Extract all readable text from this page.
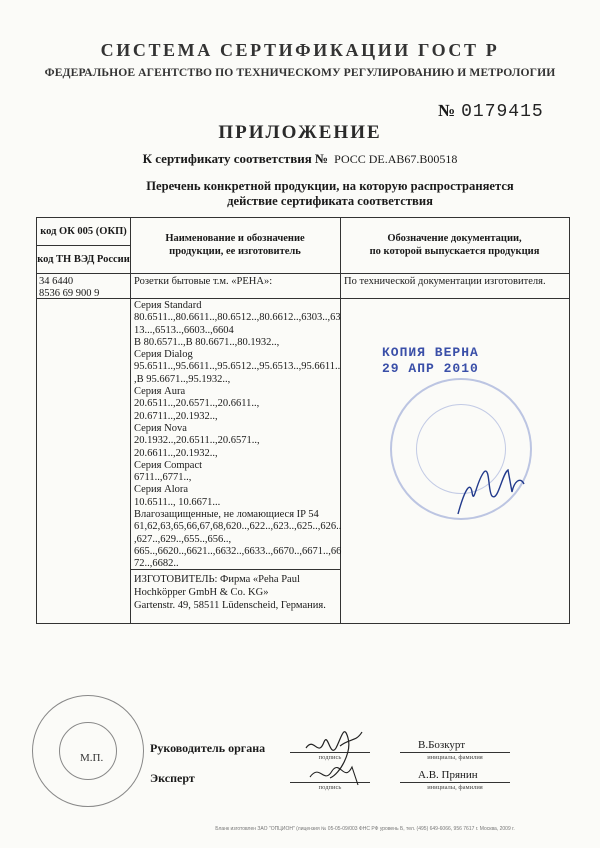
СИСТЕМА СЕРТИФИКАЦИИ ГОСТ Р
ФЕДЕРАЛЬНОЕ АГЕНТСТВО ПО ТЕХНИЧЕСКОМУ РЕГУЛИРОВАНИЮ И МЕТРОЛОГИИ
№ 0179415
ПРИЛОЖЕНИЕ
К сертификату соответствия № РОСС DE.AB67.B00518
Перечень конкретной продукции, на которую распространяется
действие сертификата соответствия
код ОК 005 (ОКП)
код ТН ВЭД России
Наименование и обозначение
продукции, ее изготовитель
Обозначение документации,
по которой выпускается продукция
34 6440
8536 69 900 9
Розетки бытовые т.м. «PEHA»:	По технической документации изготовителя.
Серия Standard
80.6511..,80.6611..,80.6512..,80.6612..,6303..,63
13...,6513..,6603..,6604
В 80.6571..,В 80.6671..,80.1932..,
Серия Dialog
95.6511..,95.6611..,95.6512..,95.6513..,95.6611..
,В 95.6671..,95.1932..,
Серия Aura
20.6511..,20.6571..,20.6611..,
20.6711..,20.1932..,
Серия Nova
20.1932..,20.6511..,20.6571..,
20.6611..,20.1932..,
Серия Compact
6711..,6771..,
Серия Alora
10.6511.., 10.6671...
Влагозащищенные, не ломающиеся IP 54
61,62,63,65,66,67,68,620..,622..,623..,625..,626..
,627..,629..,655..,656..,
665..,6620..,6621..,6632..,6633..,6670..,6671..,66
72..,6682..
ИЗГОТОВИТЕЛЬ: Фирма «Peha Paul
Hochköpper GmbH & Co. KG»
Gartenstr. 49, 58511 Lüdenscheid, Германия.
КОПИЯ ВЕРНА
29 АПР 2010
М.П.
Руководитель органа
Эксперт
подпись
подпись
инициалы, фамилия
инициалы, фамилия
В.Бозкурт
А.В. Прянин
Бланк изготовлен ЗАО "ОПЦИОН" (лицензия № 05-05-09/003 ФНС РФ уровень Б, тел. (495) 649-6066, 956 7617 г. Москва, 2009 г.
